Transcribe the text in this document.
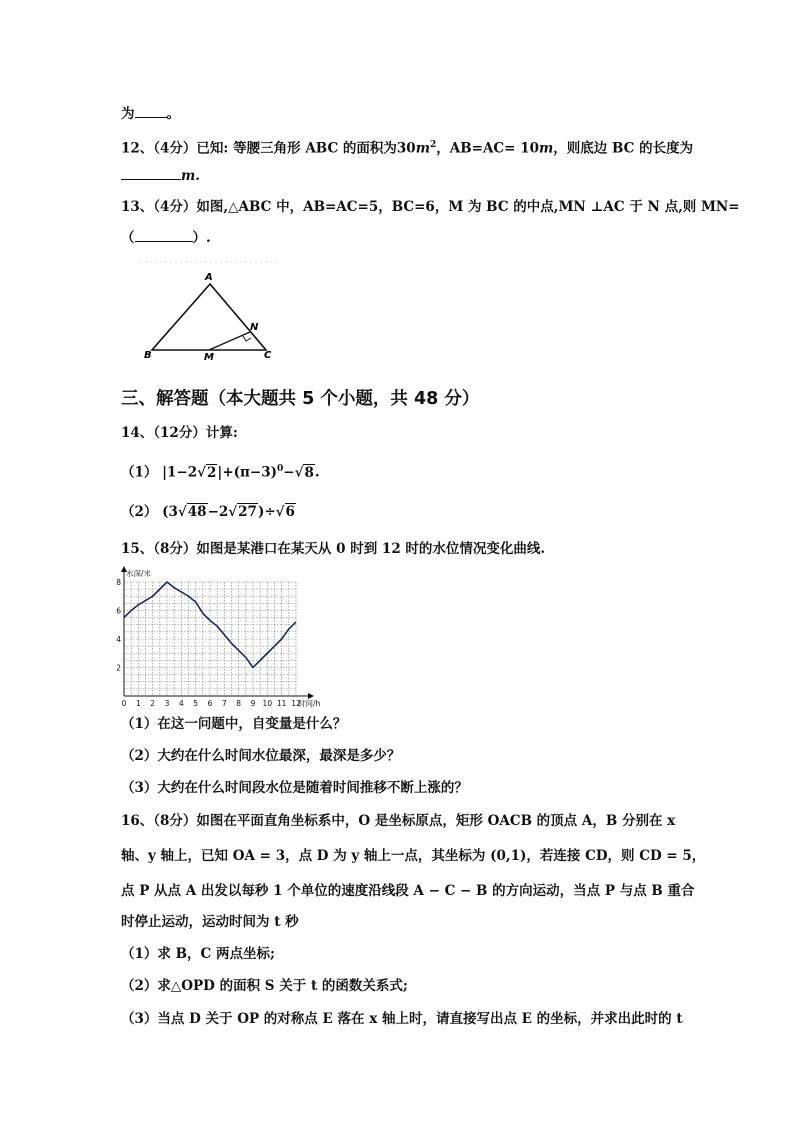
为 。
12、（4分）已知: 等腰三角形 ABC 的面积为$30m^2$，AB=AC= 10m，则底边 BC 的长度为
m.
13、（4分）如图,△ABC 中，AB=AC=5，BC=6，M 为 BC 的中点,MN ⊥AC 于 N 点,则 MN=
（	）.
A
B	C
M
N
三、解答题（本大题共 5 个小题，共 48 分）
14、（12分）计算:
（1） $|1-2√2|+(\pi-3)^0-√8$.
（2） (3√48−2√27)÷√6
15、（8分）如图是某港口在某天从 0 时到 12 时的水位情况变化曲线.
0 1 2 3 4 5 6 7 8 9 10 11 12
2
4
6
8
时间/h
水深/米
（1）在这一问题中，自变量是什么？
（2）大约在什么时间水位最深，最深是多少？
（3）大约在什么时间段水位是随着时间推移不断上涨的？
16、（8分）如图在平面直角坐标系中，O 是坐标原点，矩形 OACB 的顶点 A，B 分别在 x
轴、y 轴上，已知 OA = 3，点 D 为 y 轴上一点，其坐标为 (0,1)，若连接 CD，则 CD = 5，
点 P 从点 A 出发以每秒 1 个单位的速度沿线段 A − C − B 的方向运动，当点 P 与点 B 重合
时停止运动，运动时间为 t 秒
（1）求 B，C 两点坐标;
（2）求△OPD 的面积 S 关于 t 的函数关系式;
（3）当点 D 关于 OP 的对称点 E 落在 x 轴上时，请直接写出点 E 的坐标，并求出此时的 t
